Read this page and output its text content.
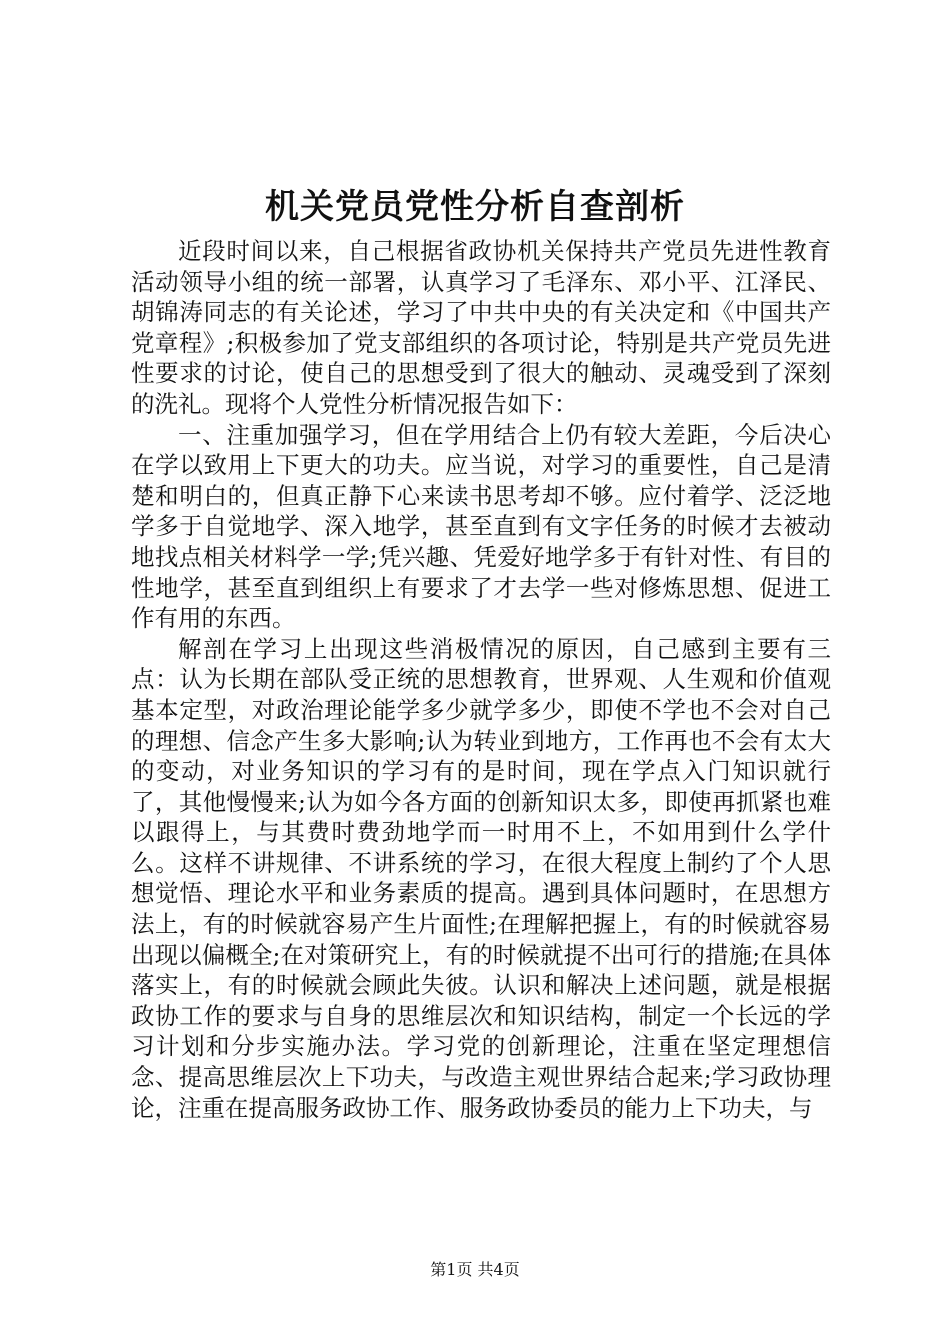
机关党员党性分析自查剖析

近段时间以来，自己根据省政协机关保持共产党员先进性教育活动领导小组的统一部署，认真学习了毛泽东、邓小平、江泽民、胡锦涛同志的有关论述，学习了中共中央的有关决定和《中国共产党章程》;积极参加了党支部组织的各项讨论，特别是共产党员先进性要求的讨论，使自己的思想受到了很大的触动、灵魂受到了深刻的洗礼。现将个人党性分析情况报告如下：

一、注重加强学习，但在学用结合上仍有较大差距，今后决心在学以致用上下更大的功夫。应当说，对学习的重要性，自己是清楚和明白的，但真正静下心来读书思考却不够。应付着学、泛泛地学多于自觉地学、深入地学，甚至直到有文字任务的时候才去被动地找点相关材料学一学;凭兴趣、凭爱好地学多于有针对性、有目的性地学，甚至直到组织上有要求了才去学一些对修炼思想、促进工作有用的东西。

解剖在学习上出现这些消极情况的原因，自己感到主要有三点：认为长期在部队受正统的思想教育，世界观、人生观和价值观基本定型，对政治理论能学多少就学多少，即使不学也不会对自己的理想、信念产生多大影响;认为转业到地方，工作再也不会有太大的变动，对业务知识的学习有的是时间，现在学点入门知识就行了，其他慢慢来;认为如今各方面的创新知识太多，即使再抓紧也难以跟得上，与其费时费劲地学而一时用不上，不如用到什么学什么。这样不讲规律、不讲系统的学习，在很大程度上制约了个人思想觉悟、理论水平和业务素质的提高。遇到具体问题时，在思想方法上，有的时候就容易产生片面性;在理解把握上，有的时候就容易出现以偏概全;在对策研究上，有的时候就提不出可行的措施;在具体落实上，有的时候就会顾此失彼。认识和解决上述问题，就是根据政协工作的要求与自身的思维层次和知识结构，制定一个长远的学习计划和分步实施办法。学习党的创新理论，注重在坚定理想信念、提高思维层次上下功夫，与改造主观世界结合起来;学习政协理论，注重在提高服务政协工作、服务政协委员的能力上下功夫，与

第1页 共4页
